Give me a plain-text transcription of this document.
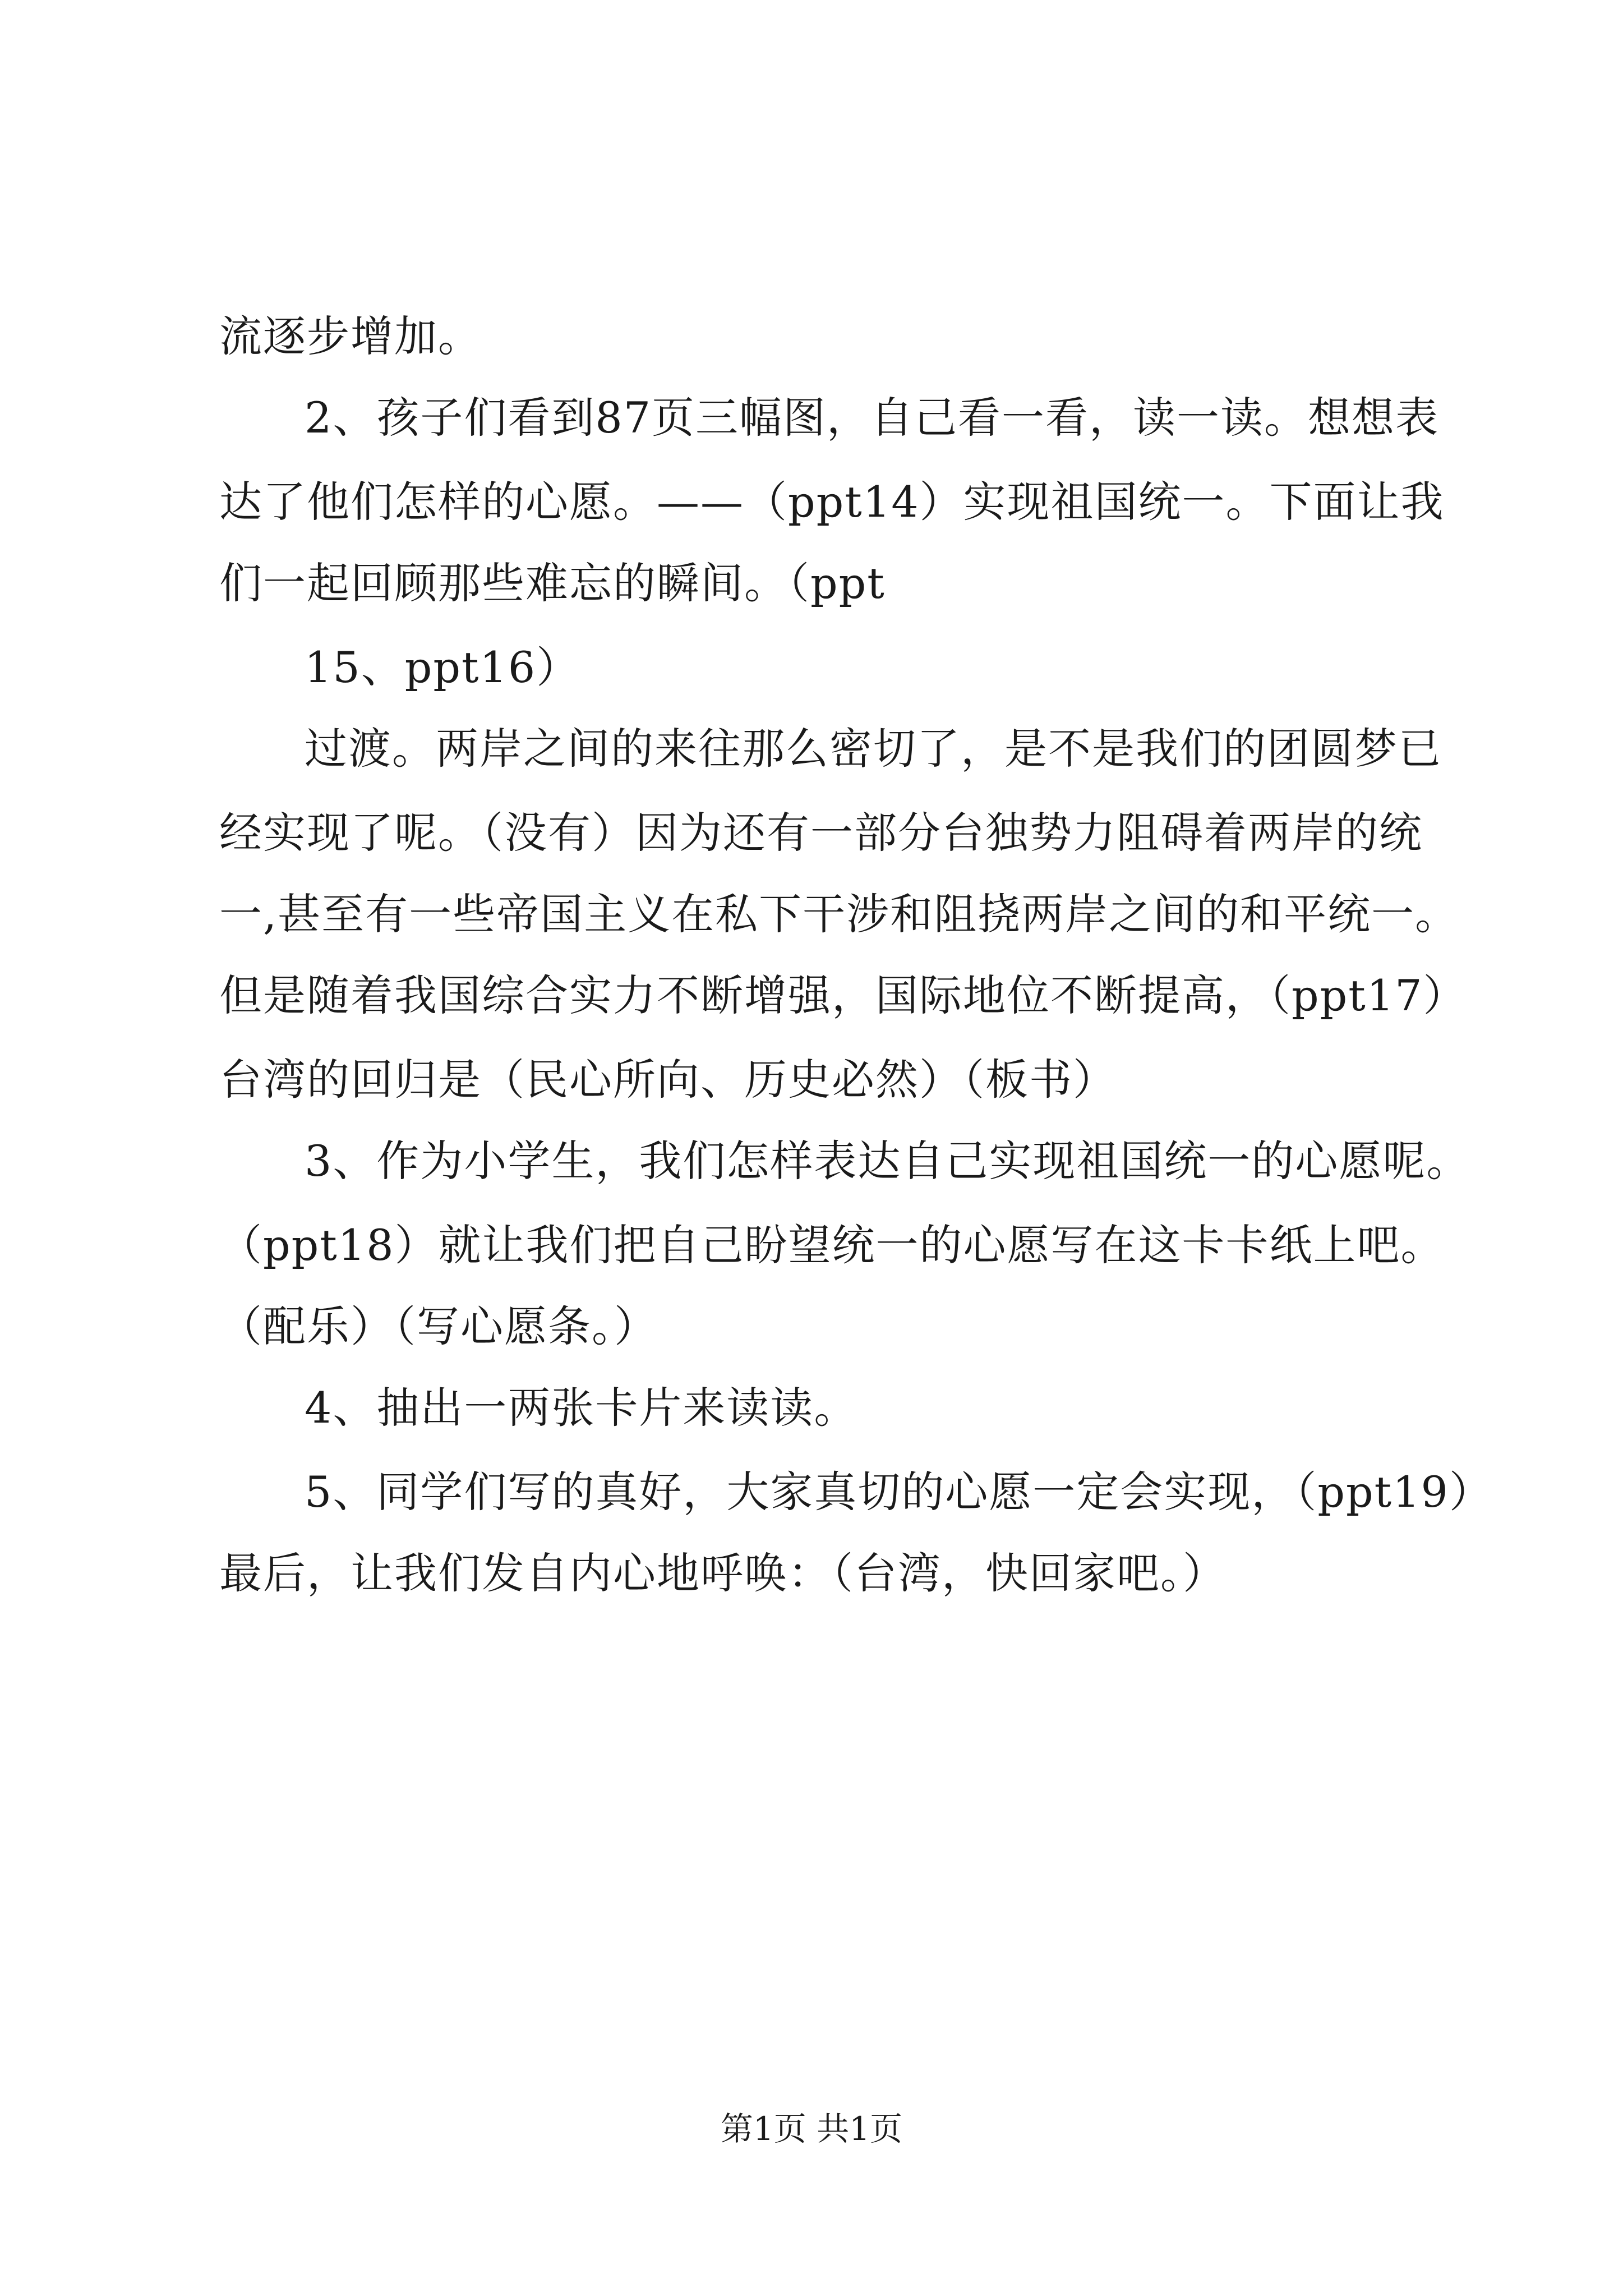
流逐步增加。
2、孩子们看到87页三幅图，自己看一看，读一读。想想表
达了他们怎样的心愿。——（ppt14）实现祖国统一。下面让我
们一起回顾那些难忘的瞬间。（ppt
15、ppt16）
过渡。两岸之间的来往那么密切了，是不是我们的团圆梦已
经实现了呢。（没有）因为还有一部分台独势力阻碍着两岸的统
一,甚至有一些帝国主义在私下干涉和阻挠两岸之间的和平统一。
但是随着我国综合实力不断增强，国际地位不断提高，（ppt17）
台湾的回归是（民心所向、历史必然）（板书）
3、作为小学生，我们怎样表达自己实现祖国统一的心愿呢。
（ppt18）就让我们把自己盼望统一的心愿写在这卡卡纸上吧。
（配乐）（写心愿条。）
4、抽出一两张卡片来读读。
5、同学们写的真好，大家真切的心愿一定会实现，（ppt19）
最后，让我们发自内心地呼唤：（台湾，快回家吧。）
第1页 共1页
